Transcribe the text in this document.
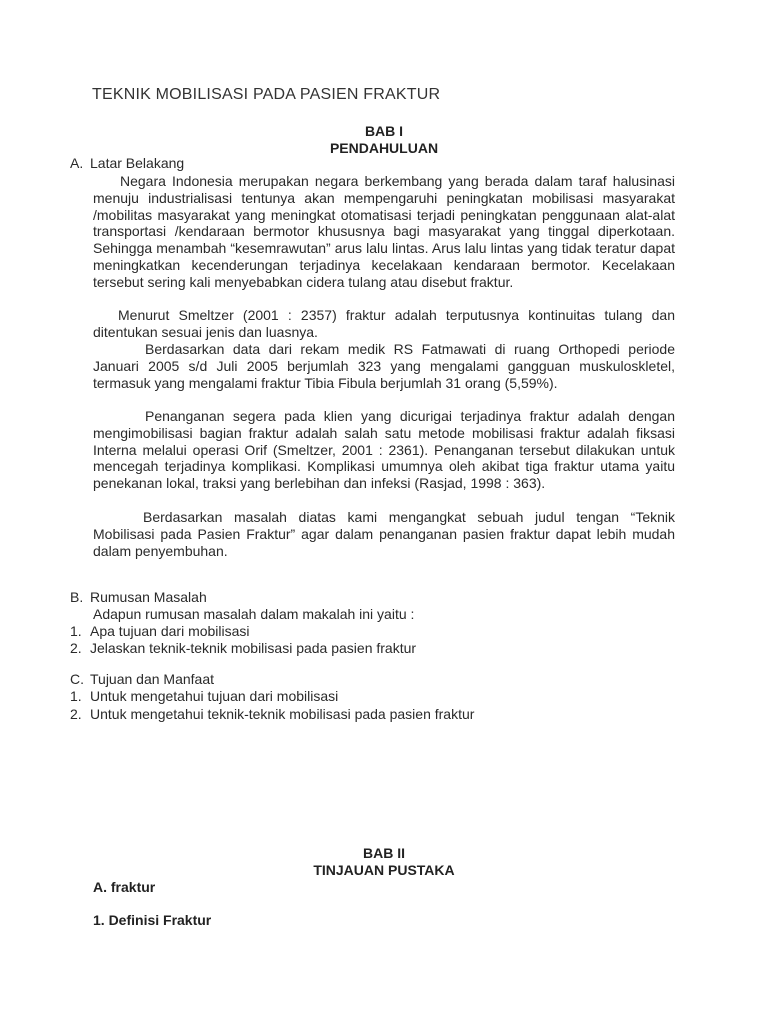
TEKNIK MOBILISASI PADA PASIEN FRAKTUR
BAB I
PENDAHULUAN
A. Latar Belakang
Negara Indonesia merupakan negara berkembang yang berada dalam taraf halusinasi menuju industrialisasi tentunya akan mempengaruhi peningkatan mobilisasi masyarakat /mobilitas masyarakat yang meningkat otomatisasi terjadi peningkatan penggunaan alat-alat transportasi /kendaraan bermotor khususnya bagi masyarakat yang tinggal diperkotaan. Sehingga menambah “kesemrawutan” arus lalu lintas. Arus lalu lintas yang tidak teratur dapat meningkatkan kecenderungan terjadinya kecelakaan kendaraan bermotor. Kecelakaan tersebut sering kali menyebabkan cidera tulang atau disebut fraktur.
Menurut Smeltzer (2001 : 2357) fraktur adalah terputusnya kontinuitas tulang dan ditentukan sesuai jenis dan luasnya.
Berdasarkan data dari rekam medik RS Fatmawati di ruang Orthopedi periode Januari 2005 s/d Juli 2005 berjumlah 323 yang mengalami gangguan muskuloskletel, termasuk yang mengalami fraktur Tibia Fibula berjumlah 31 orang (5,59%).
Penanganan segera pada klien yang dicurigai terjadinya fraktur adalah dengan mengimobilisasi bagian fraktur adalah salah satu metode mobilisasi fraktur adalah fiksasi Interna melalui operasi Orif (Smeltzer, 2001 : 2361). Penanganan tersebut dilakukan untuk mencegah terjadinya komplikasi. Komplikasi umumnya oleh akibat tiga fraktur utama yaitu penekanan lokal, traksi yang berlebihan dan infeksi (Rasjad, 1998 : 363).
Berdasarkan masalah diatas kami mengangkat sebuah judul tengan “Teknik Mobilisasi pada Pasien Fraktur” agar dalam penanganan pasien fraktur dapat lebih mudah dalam penyembuhan.
B. Rumusan Masalah
Adapun rumusan masalah dalam makalah ini yaitu :
1. Apa tujuan dari mobilisasi
2. Jelaskan teknik-teknik mobilisasi pada pasien fraktur
C. Tujuan dan Manfaat
1. Untuk mengetahui tujuan dari mobilisasi
2. Untuk mengetahui teknik-teknik mobilisasi pada pasien fraktur
BAB II
TINJAUAN PUSTAKA
A. fraktur
1. Definisi Fraktur
